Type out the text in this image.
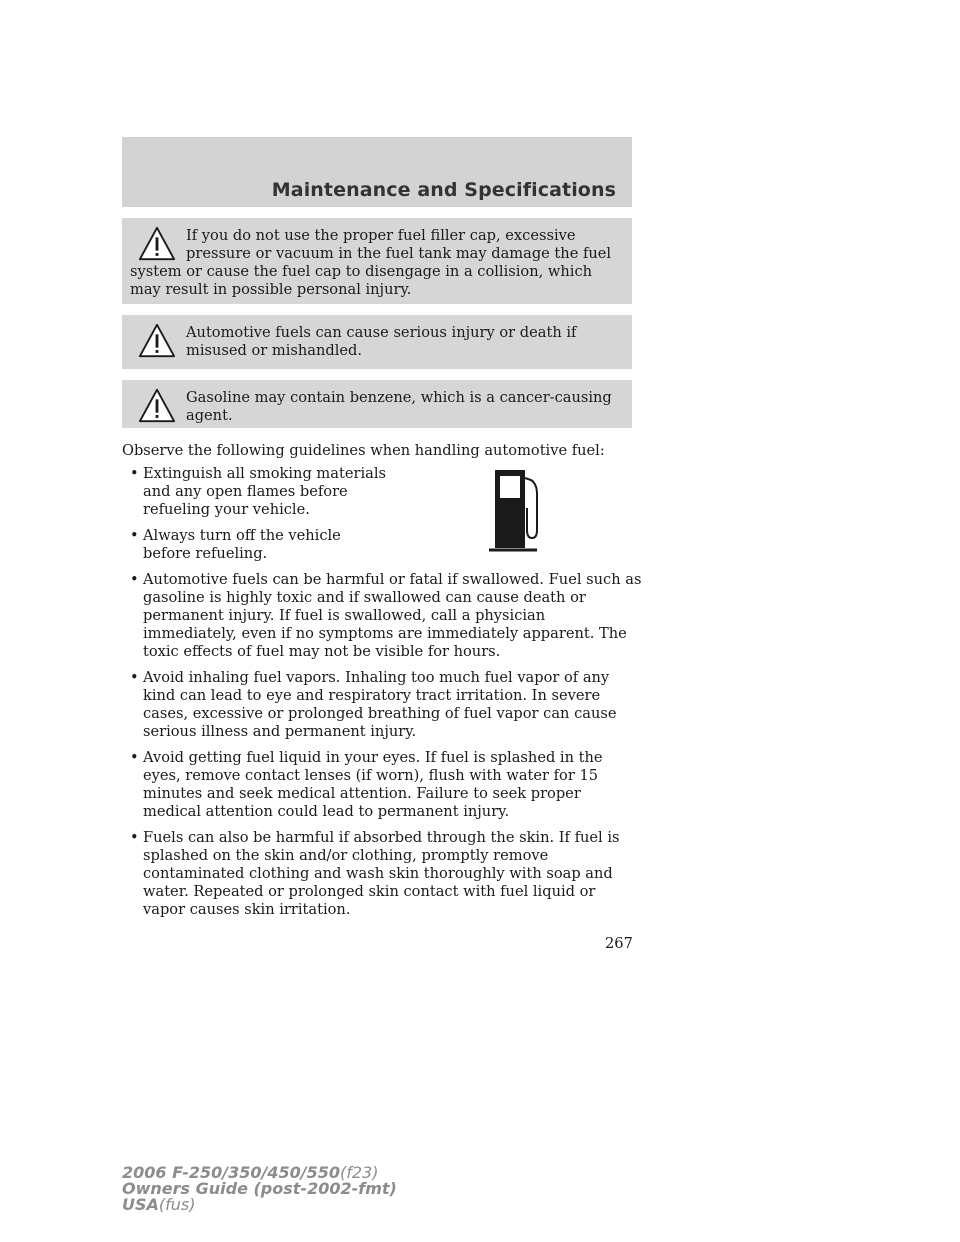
Maintenance and Specifications
If you do not use the proper fuel filler cap, excessive pressure or vacuum in the fuel tank may damage the fuel system or cause the fuel cap to disengage in a collision, which may result in possible personal injury.
Automotive fuels can cause serious injury or death if misused or mishandled.
Gasoline may contain benzene, which is a cancer-causing agent.
Observe the following guidelines when handling automotive fuel:
• Extinguish all smoking materials and any open flames before refueling your vehicle.
• Always turn off the vehicle before refueling.
• Automotive fuels can be harmful or fatal if swallowed. Fuel such as gasoline is highly toxic and if swallowed can cause death or permanent injury. If fuel is swallowed, call a physician immediately, even if no symptoms are immediately apparent. The toxic effects of fuel may not be visible for hours.
• Avoid inhaling fuel vapors. Inhaling too much fuel vapor of any kind can lead to eye and respiratory tract irritation. In severe cases, excessive or prolonged breathing of fuel vapor can cause serious illness and permanent injury.
• Avoid getting fuel liquid in your eyes. If fuel is splashed in the eyes, remove contact lenses (if worn), flush with water for 15 minutes and seek medical attention. Failure to seek proper medical attention could lead to permanent injury.
• Fuels can also be harmful if absorbed through the skin. If fuel is splashed on the skin and/or clothing, promptly remove contaminated clothing and wash skin thoroughly with soap and water. Repeated or prolonged skin contact with fuel liquid or vapor causes skin irritation.
267
2006 F-250/350/450/550(f23)
Owners Guide (post-2002-fmt)
USA(fus)
